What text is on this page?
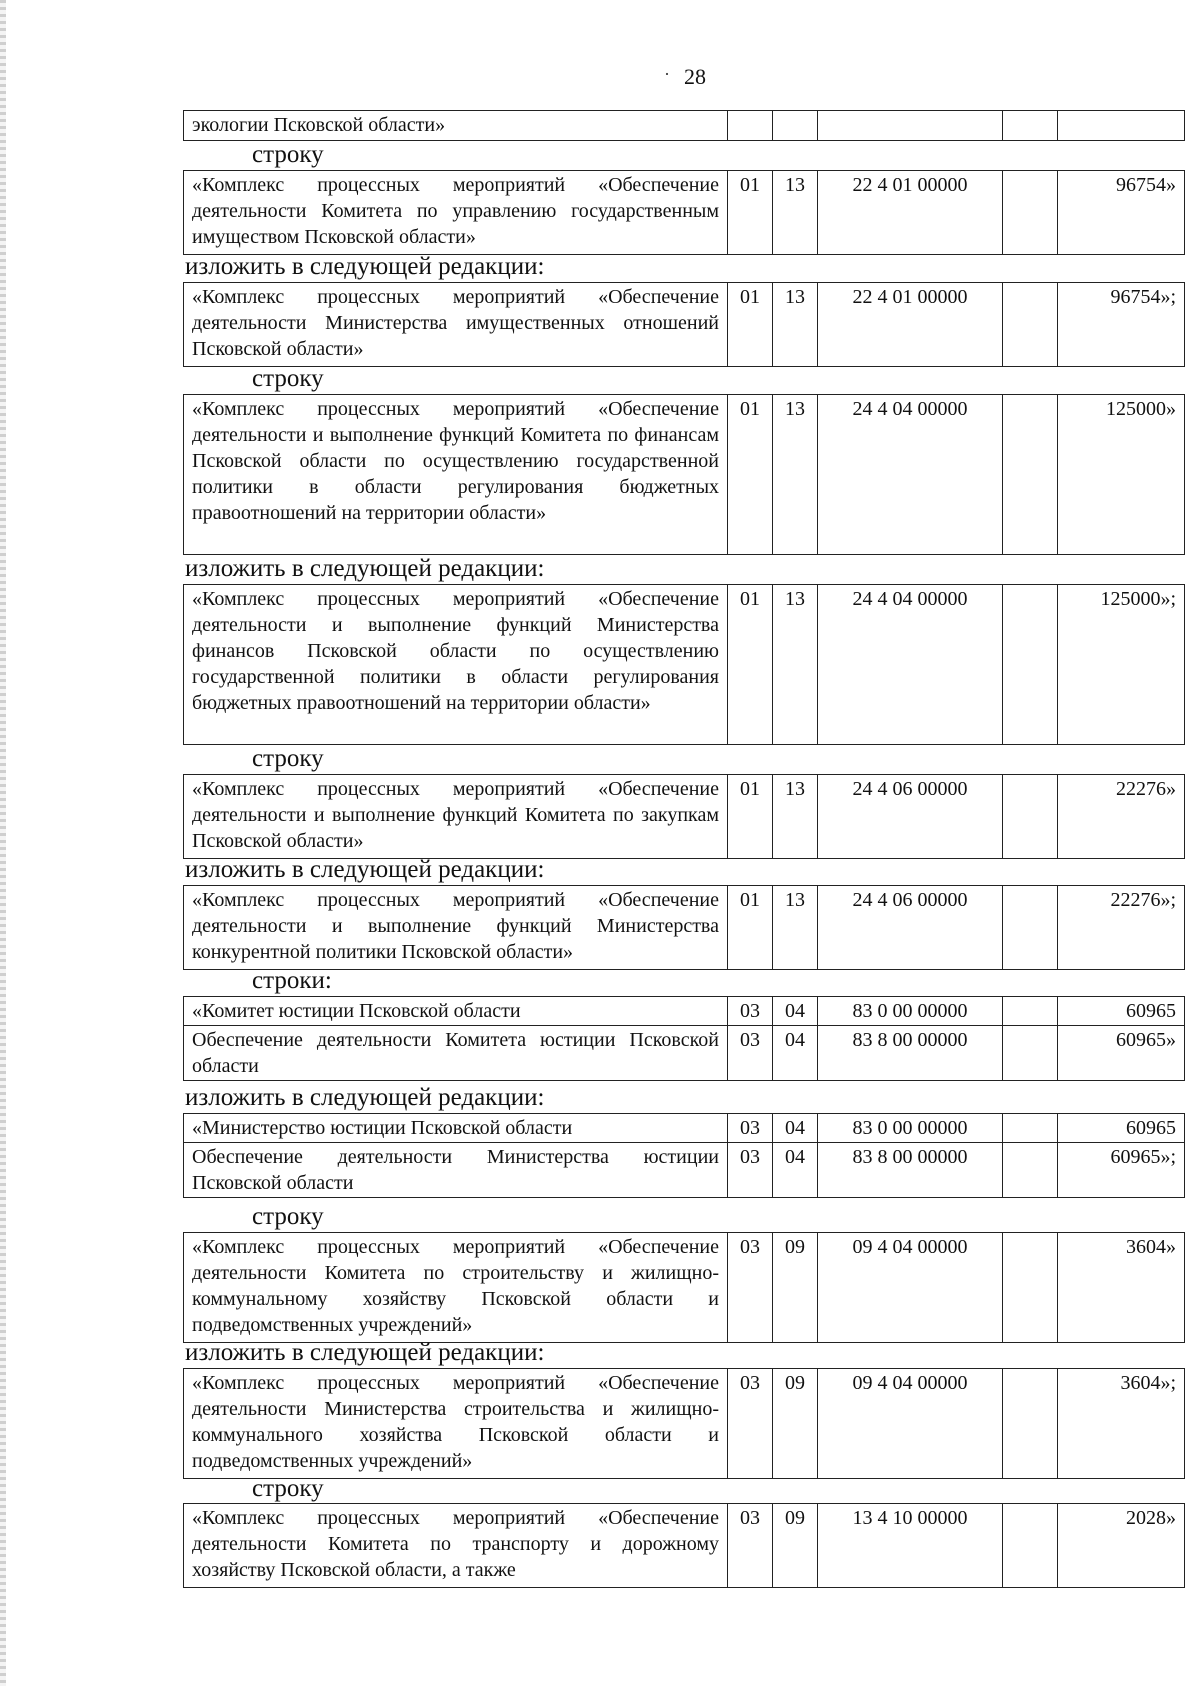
· 28
экологии Псковской области»					
строку
«Комплекс процессных мероприятий «Обеспечение деятельности Комитета по управлению государственным имуществом Псковской области»	01	13	22 4 01 00000		96754»
изложить в следующей редакции:
«Комплекс процессных мероприятий «Обеспечение деятельности Министерства имущественных отношений Псковской области»	01	13	22 4 01 00000		96754»;
строку
«Комплекс процессных мероприятий «Обеспечение деятельности и выполнение функций Комитета по финансам Псковской области по осуществлению государственной политики в области регулирования бюджетных правоотношений на территории области»	01	13	24 4 04 00000		125000»
изложить в следующей редакции:
«Комплекс процессных мероприятий «Обеспечение деятельности и выполнение функций Министерства финансов Псковской области по осуществлению государственной политики в области регулирования бюджетных правоотношений на территории области»	01	13	24 4 04 00000		125000»;
строку
«Комплекс процессных мероприятий «Обеспечение деятельности и выполнение функций Комитета по закупкам Псковской области»	01	13	24 4 06 00000		22276»
изложить в следующей редакции:
«Комплекс процессных мероприятий «Обеспечение деятельности и выполнение функций Министерства конкурентной политики Псковской области»	01	13	24 4 06 00000		22276»;
строки:
«Комитет юстиции Псковской области	03	04	83 0 00 00000		60965
Обеспечение деятельности Комитета юстиции Псковской области	03	04	83 8 00 00000		60965»
изложить в следующей редакции:
«Министерство юстиции Псковской области	03	04	83 0 00 00000		60965
Обеспечение деятельности Министерства юстиции Псковской области	03	04	83 8 00 00000		60965»;
строку
«Комплекс процессных мероприятий «Обеспечение деятельности Комитета по строительству и жилищно-коммунальному хозяйству Псковской области и подведомственных учреждений»	03	09	09 4 04 00000		3604»
изложить в следующей редакции:
«Комплекс процессных мероприятий «Обеспечение деятельности Министерства строительства и жилищно-коммунального хозяйства Псковской области и подведомственных учреждений»	03	09	09 4 04 00000		3604»;
строку
«Комплекс процессных мероприятий «Обеспечение деятельности Комитета по транспорту и дорожному хозяйству Псковской области, а также	03	09	13 4 10 00000		2028»
